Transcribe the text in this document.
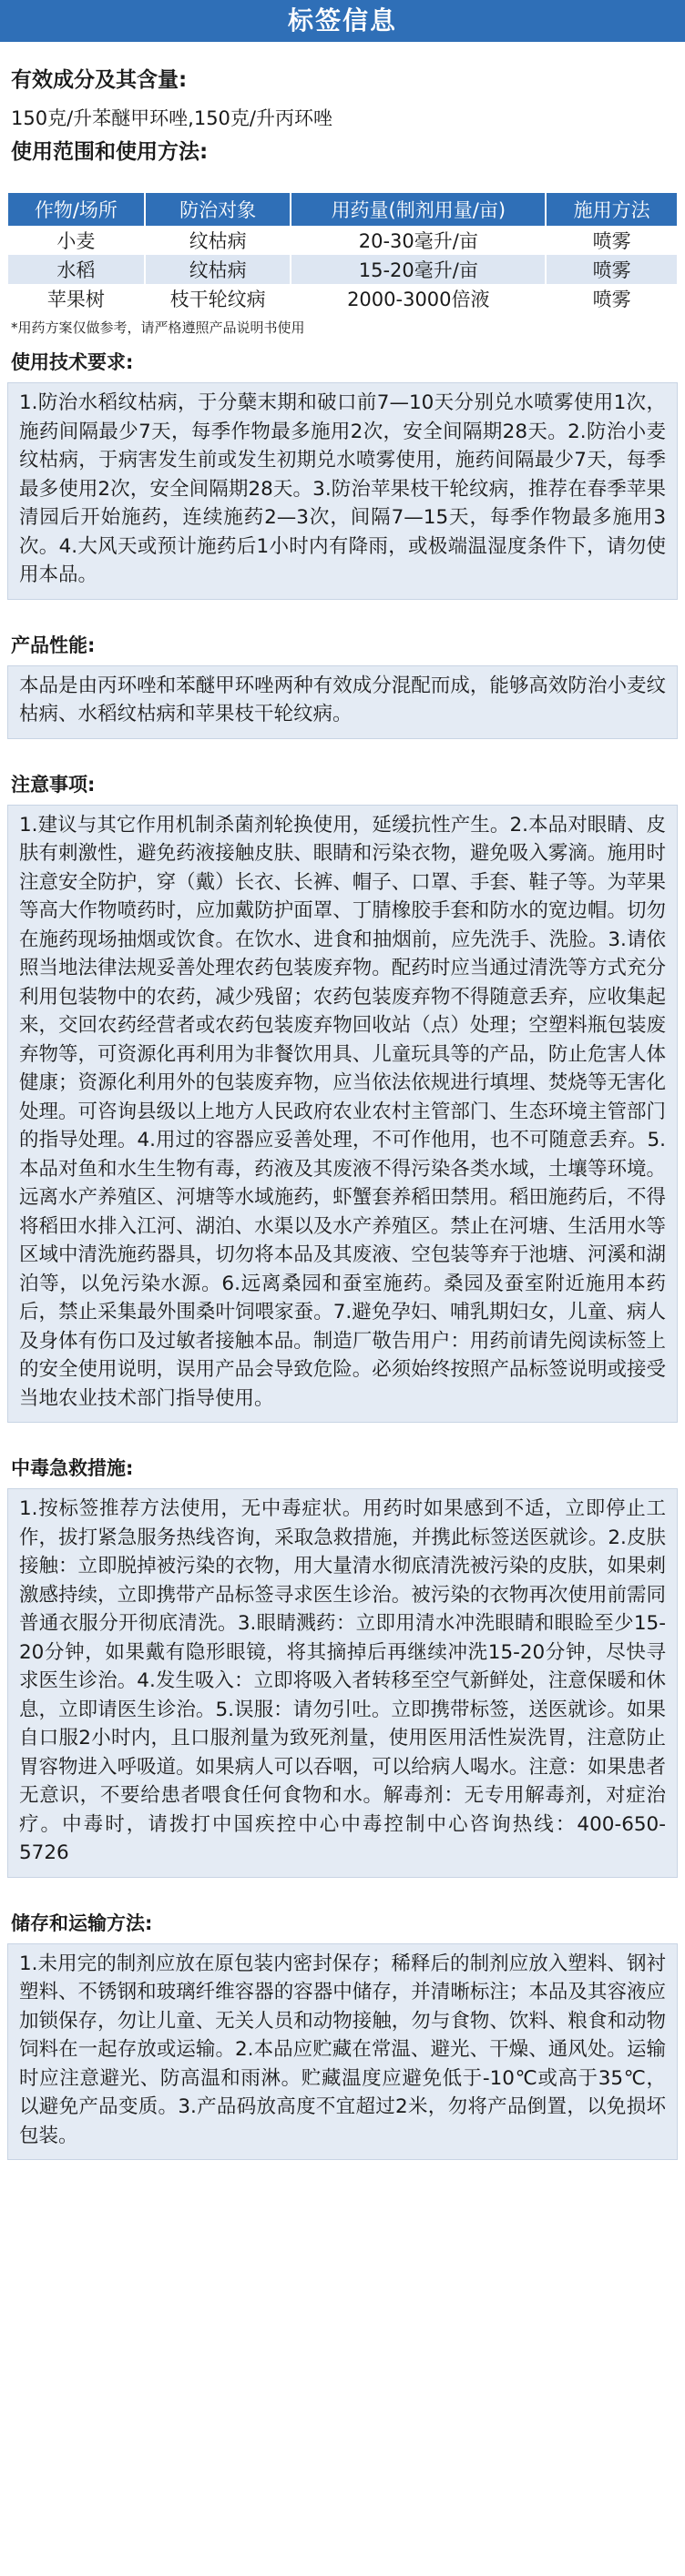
标签信息
有效成分及其含量:

150克/升苯醚甲环唑,150克/升丙环唑

使用范围和使用方法:
作物/场所	防治对象	用药量(制剂用量/亩)	施用方法
小麦	纹枯病	20-30毫升/亩	喷雾
水稻	纹枯病	15-20毫升/亩	喷雾
苹果树	枝干轮纹病	2000-3000倍液	喷雾

*用药方案仅做参考，请严格遵照产品说明书使用

使用技术要求:
1.防治水稻纹枯病，于分蘖末期和破口前7—10天分别兑水喷雾使用1次，施药间隔最少7天，每季作物最多施用2次，安全间隔期28天。2.防治小麦纹枯病，于病害发生前或发生初期兑水喷雾使用，施药间隔最少7天，每季最多使用2次，安全间隔期28天。3.防治苹果枝干轮纹病，推荐在春季苹果清园后开始施药，连续施药2—3次，间隔7—15天，每季作物最多施用3次。4.大风天或预计施药后1小时内有降雨，或极端温湿度条件下，请勿使用本品。
产品性能:
本品是由丙环唑和苯醚甲环唑两种有效成分混配而成，能够高效防治小麦纹枯病、水稻纹枯病和苹果枝干轮纹病。
注意事项:
1.建议与其它作用机制杀菌剂轮换使用，延缓抗性产生。2.本品对眼睛、皮肤有刺激性，避免药液接触皮肤、眼睛和污染衣物，避免吸入雾滴。施用时注意安全防护，穿（戴）长衣、长裤、帽子、口罩、手套、鞋子等。为苹果等高大作物喷药时，应加戴防护面罩、丁腈橡胶手套和防水的宽边帽。切勿在施药现场抽烟或饮食。在饮水、进食和抽烟前，应先洗手、洗脸。3.请依照当地法律法规妥善处理农药包装废弃物。配药时应当通过清洗等方式充分利用包装物中的农药，减少残留；农药包装废弃物不得随意丢弃，应收集起来，交回农药经营者或农药包装废弃物回收站（点）处理；空塑料瓶包装废弃物等，可资源化再利用为非餐饮用具、儿童玩具等的产品，防止危害人体健康；资源化利用外的包装废弃物，应当依法依规进行填埋、焚烧等无害化处理。可咨询县级以上地方人民政府农业农村主管部门、生态环境主管部门的指导处理。4.用过的容器应妥善处理，不可作他用，也不可随意丢弃。5.本品对鱼和水生生物有毒，药液及其废液不得污染各类水域，土壤等环境。远离水产养殖区、河塘等水域施药，虾蟹套养稻田禁用。稻田施药后，不得将稻田水排入江河、湖泊、水渠以及水产养殖区。禁止在河塘、生活用水等区域中清洗施药器具，切勿将本品及其废液、空包装等弃于池塘、河溪和湖泊等，以免污染水源。6.远离桑园和蚕室施药。桑园及蚕室附近施用本药后，禁止采集最外围桑叶饲喂家蚕。7.避免孕妇、哺乳期妇女，儿童、病人及身体有伤口及过敏者接触本品。制造厂敬告用户：用药前请先阅读标签上的安全使用说明，误用产品会导致危险。必须始终按照产品标签说明或接受当地农业技术部门指导使用。
中毒急救措施:
1.按标签推荐方法使用，无中毒症状。用药时如果感到不适，立即停止工作，拔打紧急服务热线咨询，采取急救措施，并携此标签送医就诊。2.皮肤接触：立即脱掉被污染的衣物，用大量清水彻底清洗被污染的皮肤，如果刺激感持续，立即携带产品标签寻求医生诊治。被污染的衣物再次使用前需同普通衣服分开彻底清洗。3.眼睛溅药：立即用清水冲洗眼睛和眼睑至少15-20分钟，如果戴有隐形眼镜，将其摘掉后再继续冲洗15-20分钟，尽快寻求医生诊治。4.发生吸入：立即将吸入者转移至空气新鲜处，注意保暖和休息，立即请医生诊治。5.误服：请勿引吐。立即携带标签，送医就诊。如果自口服2小时内，且口服剂量为致死剂量，使用医用活性炭洗胃，注意防止胃容物进入呼吸道。如果病人可以吞咽，可以给病人喝水。注意：如果患者无意识，不要给患者喂食任何食物和水。解毒剂：无专用解毒剂，对症治疗。中毒时，请拨打中国疾控中心中毒控制中心咨询热线：400-650-5726
储存和运输方法:
1.未用完的制剂应放在原包装内密封保存；稀释后的制剂应放入塑料、钢衬塑料、不锈钢和玻璃纤维容器的容器中储存，并清晰标注；本品及其容液应加锁保存，勿让儿童、无关人员和动物接触，勿与食物、饮料、粮食和动物饲料在一起存放或运输。2.本品应贮藏在常温、避光、干燥、通风处。运输时应注意避光、防高温和雨淋。贮藏温度应避免低于-10℃或高于35℃，以避免产品变质。3.产品码放高度不宜超过2米，勿将产品倒置，以免损坏包装。
